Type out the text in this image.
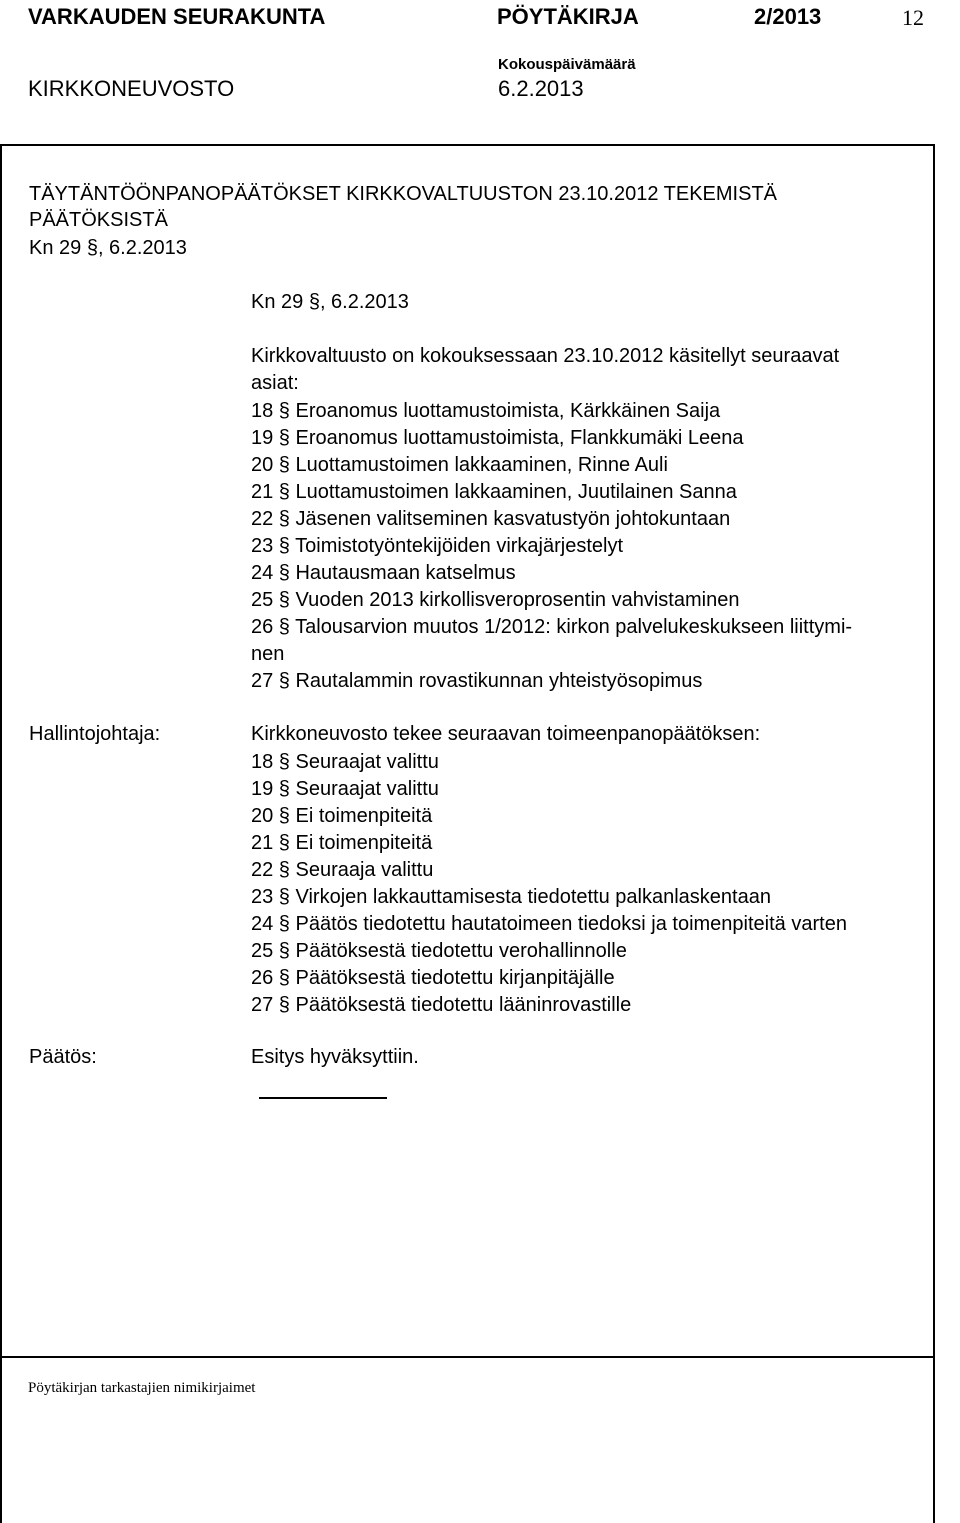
VARKAUDEN SEURAKUNTA	PÖYTÄKIRJA	2/2013	12
Kokouspäivämäärä
KIRKKONEUVOSTO	6.2.2013
TÄYTÄNTÖÖNPANOPÄÄTÖKSET KIRKKOVALTUUSTON 23.10.2012 TEKEMISTÄ
PÄÄTÖKSISTÄ
Kn 29 §, 6.2.2013
Kn 29 §, 6.2.2013
Kirkkovaltuusto on kokouksessaan 23.10.2012 käsitellyt seuraavat
asiat:
18 § Eroanomus luottamustoimista, Kärkkäinen Saija
19 § Eroanomus luottamustoimista, Flankkumäki Leena
20 § Luottamustoimen lakkaaminen, Rinne Auli
21 § Luottamustoimen lakkaaminen, Juutilainen Sanna
22 § Jäsenen valitseminen kasvatustyön johtokuntaan
23 § Toimistotyöntekijöiden virkajärjestelyt
24 § Hautausmaan katselmus
25 § Vuoden 2013 kirkollisveroprosentin vahvistaminen
26 § Talousarvion muutos 1/2012: kirkon palvelukeskukseen liittymi-
nen
27 § Rautalammin rovastikunnan yhteistyösopimus
Hallintojohtaja:	Kirkkoneuvosto tekee seuraavan toimeenpanopäätöksen:
18 § Seuraajat valittu
19 § Seuraajat valittu
20 § Ei toimenpiteitä
21 § Ei toimenpiteitä
22 § Seuraaja valittu
23 § Virkojen lakkauttamisesta tiedotettu palkanlaskentaan
24 § Päätös tiedotettu hautatoimeen tiedoksi ja toimenpiteitä varten
25 § Päätöksestä tiedotettu verohallinnolle
26 § Päätöksestä tiedotettu kirjanpitäjälle
27 § Päätöksestä tiedotettu lääninrovastille
Päätös:	Esitys hyväksyttiin.
Pöytäkirjan tarkastajien nimikirjaimet
